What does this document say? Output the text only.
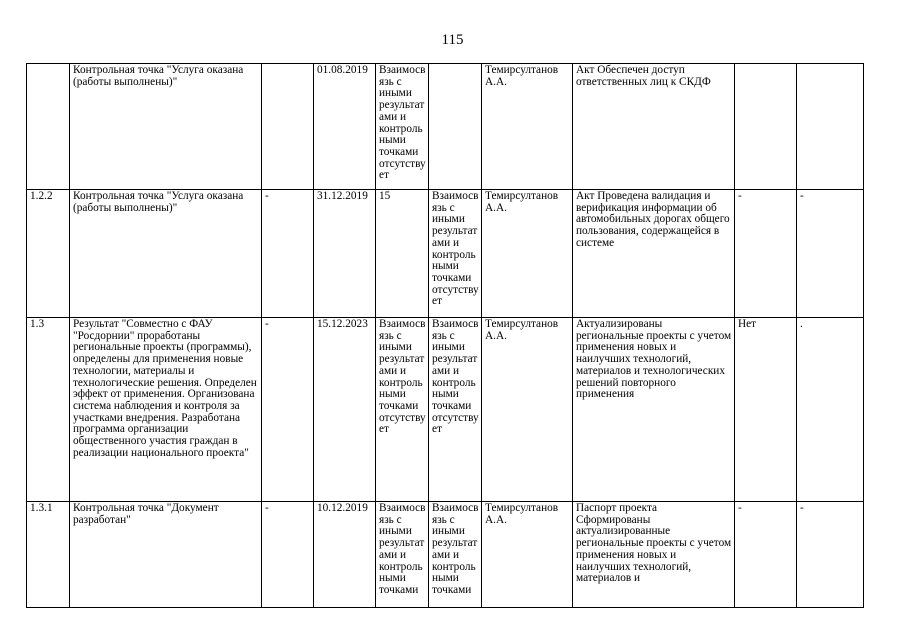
115
	Контрольная точка "Услуга оказана (работы выполнены)"		01.08.2019	Взаимосвязь с иными результатами и контрольными точками отсутствует		Темирсултанов А.А.	Акт Обеспечен доступ ответственных лиц к СКДФ		
1.2.2	Контрольная точка "Услуга оказана (работы выполнены)"	-	31.12.2019	15	Взаимосвязь с иными результатами и контрольными точками отсутствует	Темирсултанов А.А.	Акт Проведена валидация и верификация информации об автомобильных дорогах общего пользования, содержащейся в системе	-	-
1.3	Результат "Совместно с ФАУ "Росдорнии" проработаны региональные проекты (программы), определены для применения новые технологии, материалы и технологические решения. Определен эффект от применения. Организована система наблюдения и контроля за участками внедрения. Разработана программа организации общественного участия граждан в реализации национального проекта"	-	15.12.2023	Взаимосвязь с иными результатами и контрольными точками отсутствует	Взаимосвязь с иными результатами и контрольными точками отсутствует	Темирсултанов А.А.	Актуализированы региональные проекты с учетом применения новых и наилучших технологий, материалов и технологических решений повторного применения	Нет	.
1.3.1	Контрольная точка "Документ разработан"	-	10.12.2019	Взаимосвязь с иными результатами и контрольными точками	Взаимосвязь с иными результатами и контрольными точками	Темирсултанов А.А.	Паспорт проекта Сформированы актуализированные региональные проекты с учетом применения новых и наилучших технологий, материалов и	-	-
